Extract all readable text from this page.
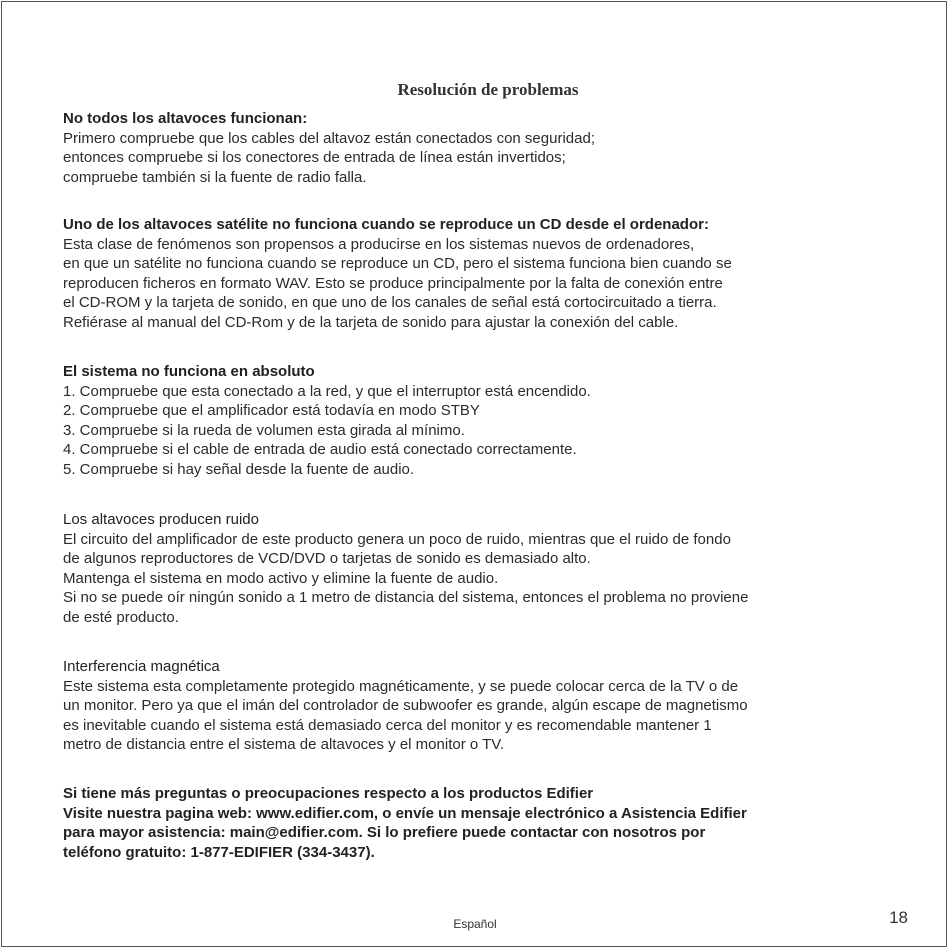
Resolución de problemas

No todos los altavoces funcionan:

Primero compruebe que los cables del altavoz están conectados con seguridad;

entonces compruebe si los conectores de entrada de línea están invertidos;

compruebe también si la fuente de radio falla.

Uno de los altavoces satélite no funciona cuando se reproduce un CD desde el ordenador:

Esta clase de fenómenos son propensos a producirse en los sistemas nuevos de ordenadores,

en que un satélite no funciona cuando se reproduce un CD, pero el sistema funciona bien cuando se

reproducen ficheros en formato WAV. Esto se produce principalmente por la falta de conexión entre

el CD-ROM y la tarjeta de sonido, en que uno de los canales de señal está cortocircuitado a tierra.

Refiérase al manual del CD-Rom y de la tarjeta de sonido para ajustar la conexión del cable.

El sistema no funciona en absoluto

1. Compruebe que esta conectado a la red, y que el interruptor está encendido.

2. Compruebe que el amplificador está todavía en modo STBY

3. Compruebe si la rueda de volumen esta girada al mínimo.

4. Compruebe si el cable de entrada de audio está conectado correctamente.

5. Compruebe si hay señal desde la fuente de audio.

Los altavoces producen ruido

El circuito del amplificador de este producto genera un poco de ruido, mientras que el ruido de fondo

de algunos reproductores de VCD/DVD o tarjetas de sonido es demasiado alto.

Mantenga el sistema en modo activo y elimine la fuente de audio.

Si no se puede oír ningún sonido a 1 metro de distancia del sistema, entonces el problema no proviene

de esté producto.

Interferencia magnética

Este sistema esta completamente protegido magnéticamente, y se puede colocar cerca de la TV o de

un monitor. Pero ya que el imán del controlador de subwoofer es grande, algún escape de magnetismo

es inevitable cuando el sistema está demasiado cerca del monitor y es recomendable mantener 1

metro de distancia entre el sistema de altavoces y el monitor o TV.

Si tiene más preguntas o preocupaciones respecto a los productos Edifier

Visite nuestra pagina web: www.edifier.com, o envíe un mensaje electrónico a Asistencia Edifier

para mayor asistencia: main@edifier.com. Si lo prefiere puede contactar con nosotros por

teléfono gratuito: 1-877-EDIFIER (334-3437).

Español	18
